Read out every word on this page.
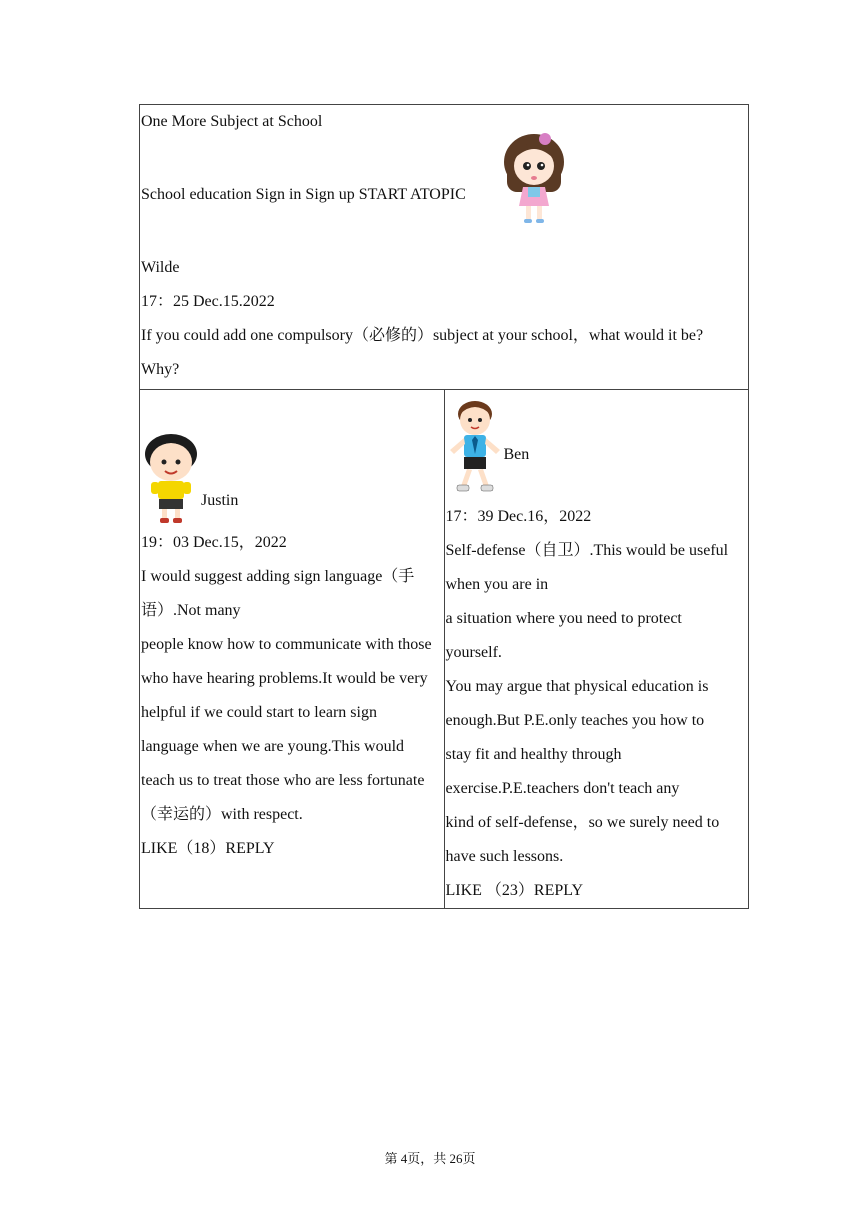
One More Subject at School
School education Sign in Sign up START ATOPIC
Wilde
17：25 Dec.15.2022
If you could add one compulsory（必修的）subject at your school，what would it be?
Why?

Justin
19：03 Dec.15，2022
I would suggest adding sign language（手
语）.Not many
people know how to communicate with those
who have hearing problems.It would be very
helpful if we could start to learn sign
language when we are young.This would
teach us to treat those who are less fortunate
（幸运的）with respect.
LIKE（18）REPLY

Ben
17：39 Dec.16，2022
Self-defense（自卫）.This would be useful
when you are in
a situation where you need to protect
yourself.
You may argue that physical education is
enough.But P.E.only teaches you how to
stay fit and healthy through
exercise.P.E.teachers don't teach any
kind of self-defense，so we surely need to
have such lessons.
LIKE （23）REPLY
第 4页，共 26页
